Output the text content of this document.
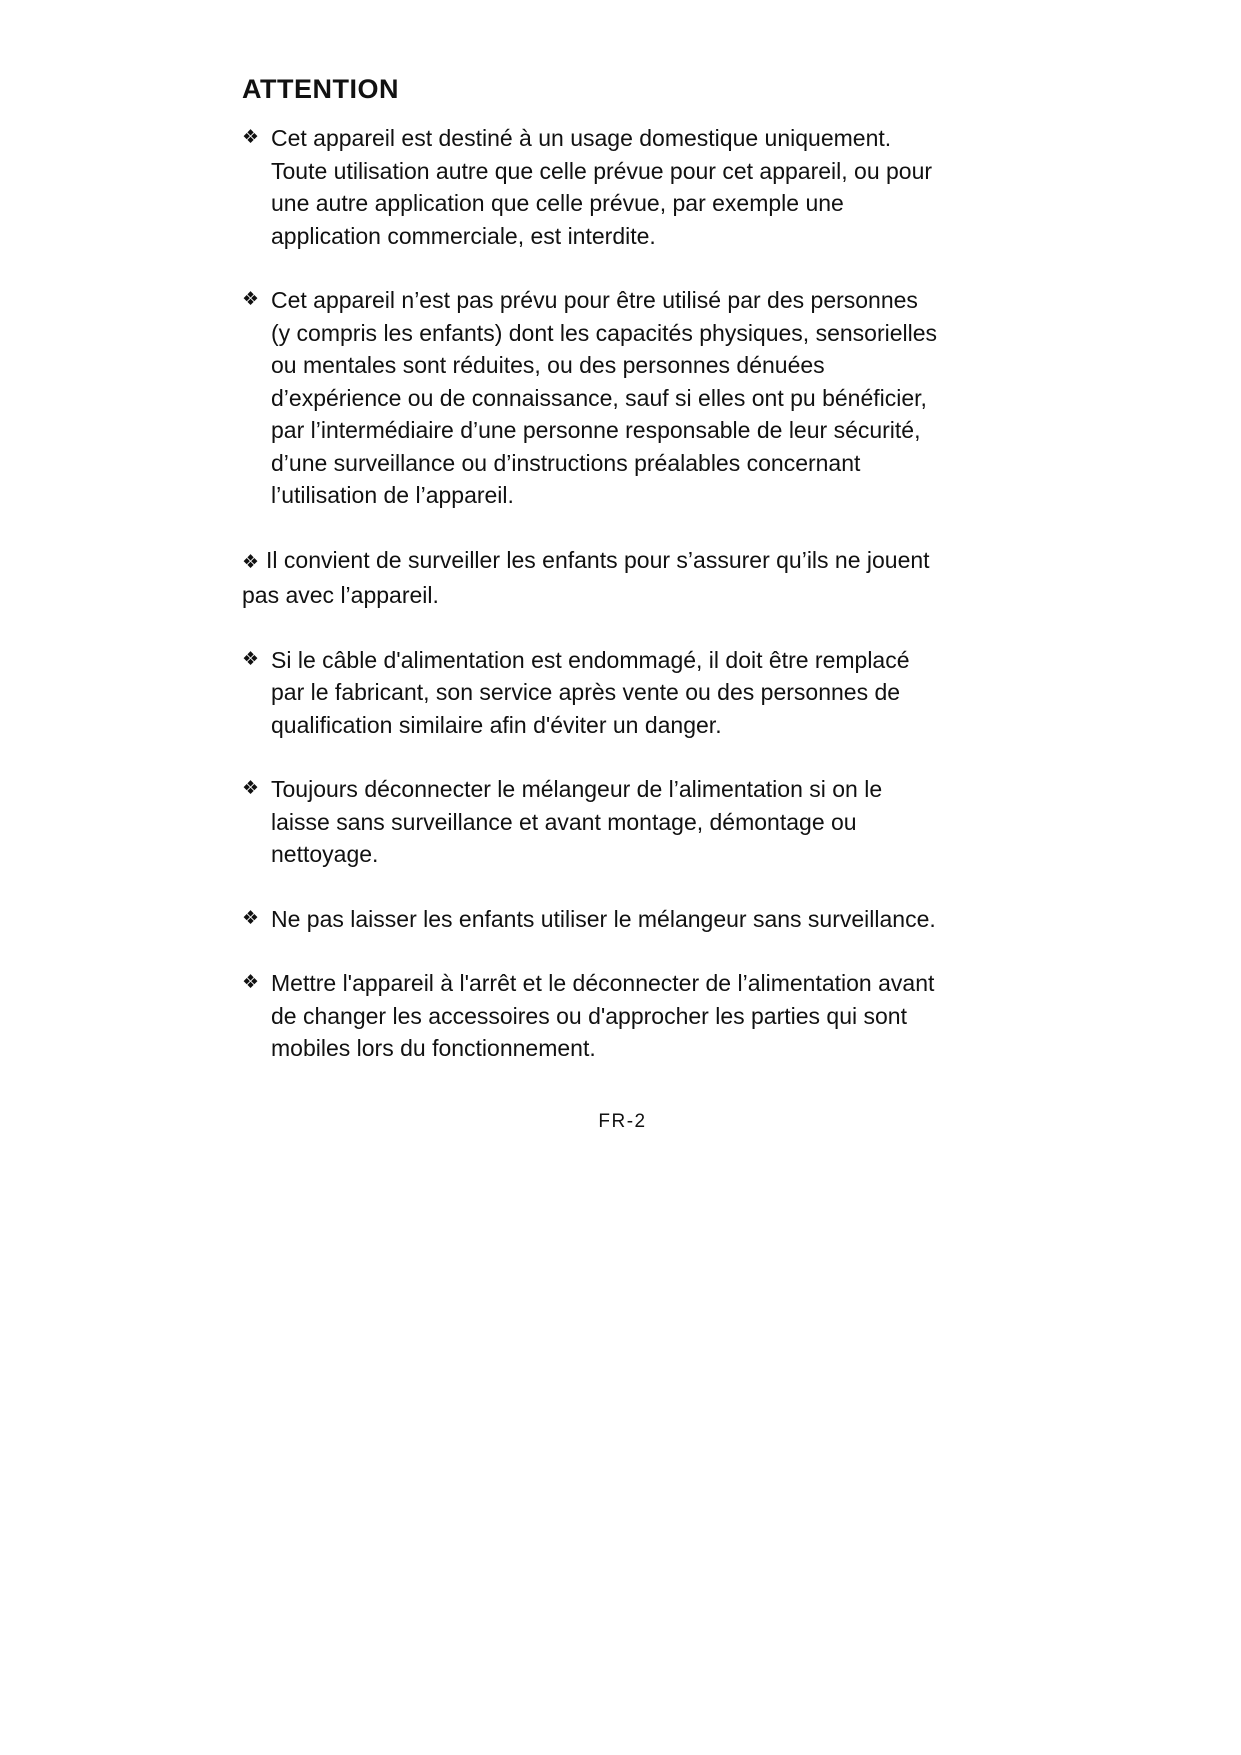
ATTENTION
❖ Cet appareil est destiné à un usage domestique uniquement.
Toute utilisation autre que celle prévue pour cet appareil, ou pour
une autre application que celle prévue, par exemple une
application commerciale, est interdite.
❖ Cet appareil n’est pas prévu pour être utilisé par des personnes
(y compris les enfants) dont les capacités physiques, sensorielles
ou mentales sont réduites, ou des personnes dénuées
d’expérience ou de connaissance, sauf si elles ont pu bénéficier,
par l’intermédiaire d’une personne responsable de leur sécurité,
d’une surveillance ou d’instructions préalables concernant
l’utilisation de l’appareil.
❖ Il convient de surveiller les enfants pour s’assurer qu’ils ne jouent
pas avec l’appareil.
❖ Si le câble d'alimentation est endommagé, il doit être remplacé
par le fabricant, son service après vente ou des personnes de
qualification similaire afin d'éviter un danger.
❖ Toujours déconnecter le mélangeur de l’alimentation si on le
laisse sans surveillance et avant montage, démontage ou
nettoyage.
❖ Ne pas laisser les enfants utiliser le mélangeur sans surveillance.
❖ Mettre l'appareil à l'arrêt et le déconnecter de l’alimentation avant
de changer les accessoires ou d'approcher les parties qui sont
mobiles lors du fonctionnement.
FR-2
